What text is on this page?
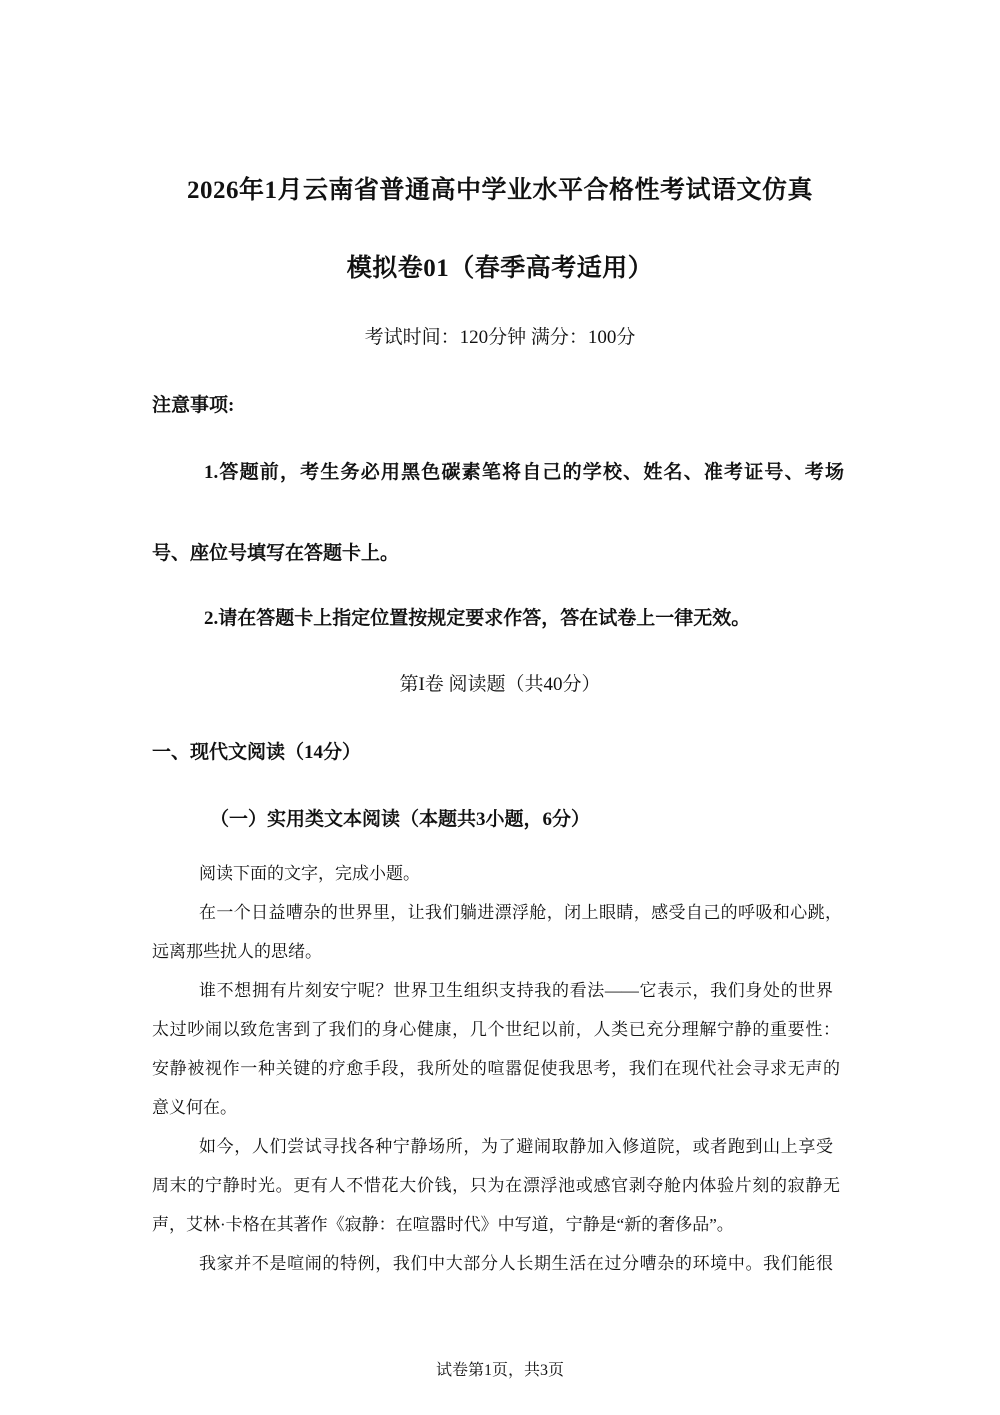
2026年1月云南省普通高中学业水平合格性考试语文仿真
模拟卷01（春季高考适用）
考试时间：120分钟 满分：100分
注意事项:
1.答题前，考生务必用黑色碳素笔将自己的学校、姓名、准考证号、考场
号、座位号填写在答题卡上。
2.请在答题卡上指定位置按规定要求作答，答在试卷上一律无效。
第I卷 阅读题（共40分）
一、现代文阅读（14分）
（一）实用类文本阅读（本题共3小题，6分）
阅读下面的文字，完成小题。
在一个日益嘈杂的世界里，让我们躺进漂浮舱，闭上眼睛，感受自己的呼吸和心跳，
远离那些扰人的思绪。
谁不想拥有片刻安宁呢？世界卫生组织支持我的看法——它表示，我们身处的世界
太过吵闹以致危害到了我们的身心健康，几个世纪以前，人类已充分理解宁静的重要性：
安静被视作一种关键的疗愈手段，我所处的喧嚣促使我思考，我们在现代社会寻求无声的
意义何在。
如今，人们尝试寻找各种宁静场所，为了避闹取静加入修道院，或者跑到山上享受
周末的宁静时光。更有人不惜花大价钱，只为在漂浮池或感官剥夺舱内体验片刻的寂静无
声，艾林·卡格在其著作《寂静：在喧嚣时代》中写道，宁静是“新的奢侈品”。
我家并不是喧闹的特例，我们中大部分人长期生活在过分嘈杂的环境中。我们能很
试卷第1页，共3页
